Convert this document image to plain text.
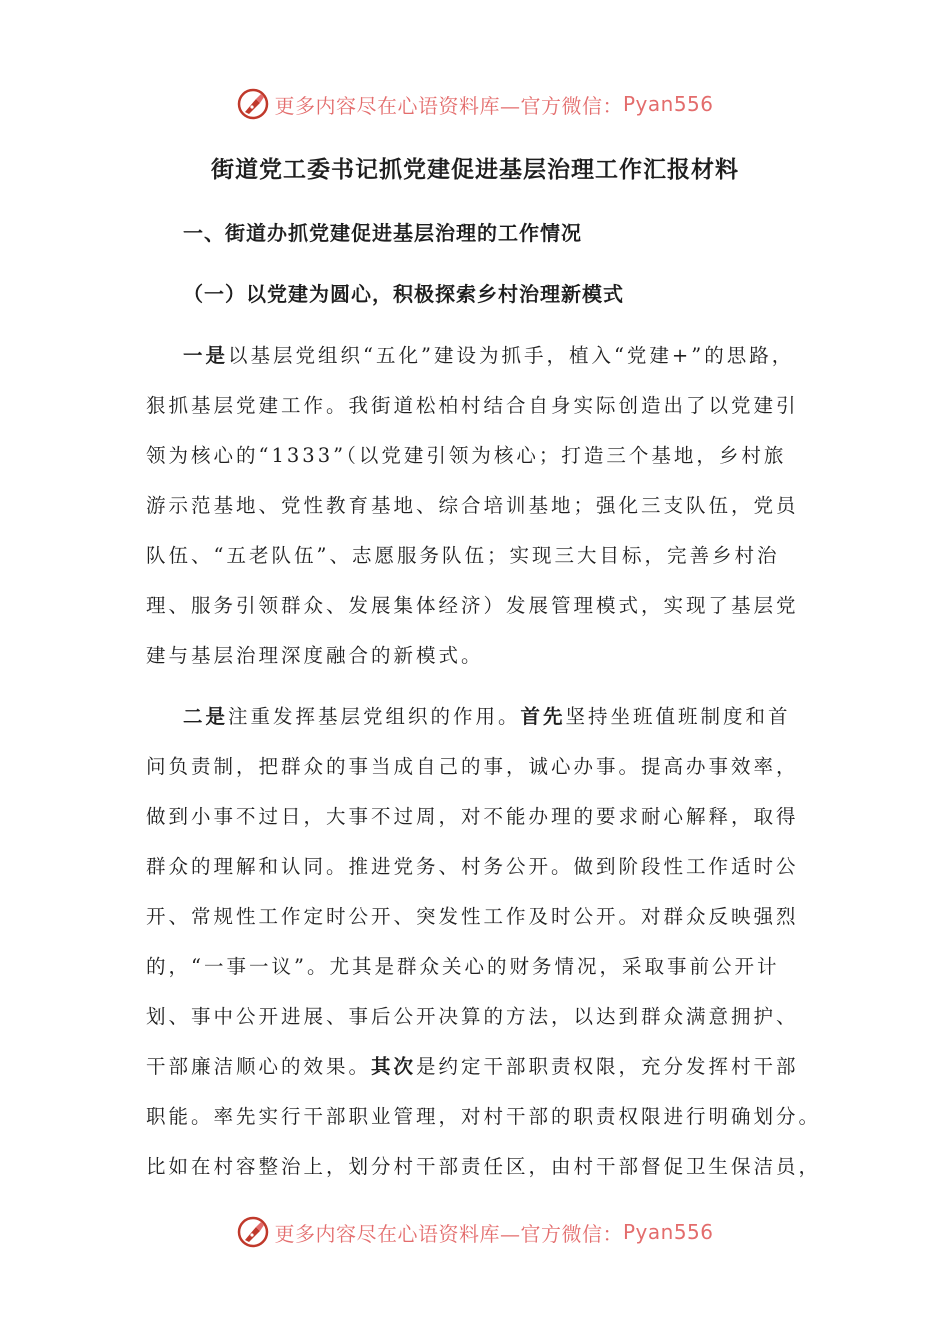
更多内容尽在心语资料库—官方微信： Pyan556
街道党工委书记抓党建促进基层治理工作汇报材料
一、街道办抓党建促进基层治理的工作情况
（一）以党建为圆心，积极探索乡村治理新模式
一是以基层党组织“五化”建设为抓手，植入“党建+”的思路，
狠抓基层党建工作。我街道松柏村结合自身实际创造出了以党建引
领为核心的“1333”（以党建引领为核心；打造三个基地，乡村旅
游示范基地、党性教育基地、综合培训基地；强化三支队伍，党员
队伍、“五老队伍”、志愿服务队伍；实现三大目标，完善乡村治
理、服务引领群众、发展集体经济）发展管理模式，实现了基层党
建与基层治理深度融合的新模式。
二是注重发挥基层党组织的作用。首先坚持坐班值班制度和首
问负责制，把群众的事当成自己的事，诚心办事。提高办事效率，
做到小事不过日，大事不过周，对不能办理的要求耐心解释，取得
群众的理解和认同。推进党务、村务公开。做到阶段性工作适时公
开、常规性工作定时公开、突发性工作及时公开。对群众反映强烈
的，“一事一议”。尤其是群众关心的财务情况，采取事前公开计
划、事中公开进展、事后公开决算的方法，以达到群众满意拥护、
干部廉洁顺心的效果。其次是约定干部职责权限，充分发挥村干部
职能。率先实行干部职业管理，对村干部的职责权限进行明确划分。
比如在村容整治上，划分村干部责任区，由村干部督促卫生保洁员，
更多内容尽在心语资料库—官方微信： Pyan556
